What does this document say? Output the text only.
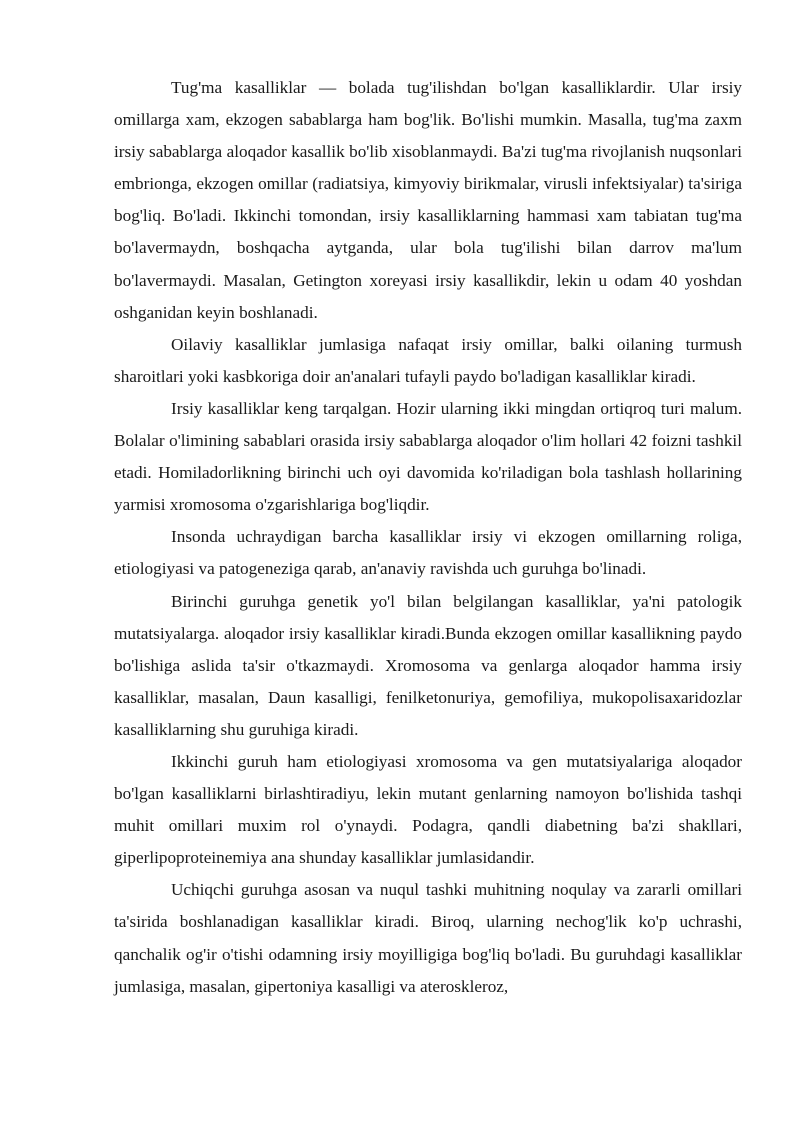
Tug'ma kasalliklar — bolada tug'ilishdan bo'lgan kasalliklardir. Ular irsiy omillarga xam, ekzogen sabablarga ham bog'lik. Bo'lishi mumkin. Masalla, tug'ma zaxm irsiy sabablarga aloqador kasallik bo'lib xisoblanmaydi. Ba'zi tug'ma rivojlanish nuqsonlari embrionga, ekzogen omillar (radiatsiya, kimyoviy birikmalar, virusli infektsiyalar) ta'siriga bog'liq. Bo'ladi. Ikkinchi tomondan, irsiy kasalliklarning hammasi xam tabiatan tug'ma bo'lavermaydn, boshqacha aytganda, ular bola tug'ilishi bilan darrov ma'lum bo'lavermaydi. Masalan, Getington xoreyasi irsiy kasallikdir, lekin u odam 40 yoshdan oshganidan keyin boshlanadi.

Oilaviy kasalliklar jumlasiga nafaqat irsiy omillar, balki oilaning turmush sharoitlari yoki kasbkoriga doir an'analari tufayli paydo bo'ladigan kasalliklar kiradi.

Irsiy kasalliklar keng tarqalgan. Hozir ularning ikki mingdan ortiqroq turi malum. Bolalar o'limining sabablari orasida irsiy sabablarga aloqador o'lim hollari 42 foizni tashkil etadi. Homiladorlikning birinchi uch oyi davomida ko'riladigan bola tashlash hollarining yarmisi xromosoma o'zgarishlariga bog'liqdir.

Insonda uchraydigan barcha kasalliklar irsiy vi ekzogen omillarning roliga, etiologiyasi va patogeneziga qarab, an'anaviy ravishda uch guruhga bo'linadi.

Birinchi guruhga genetik yo'l bilan belgilangan kasalliklar, ya'ni patologik mutatsiyalarga. aloqador irsiy kasalliklar kiradi.Bunda ekzogen omillar kasallikning paydo bo'lishiga aslida ta'sir o'tkazmaydi. Xromosoma va genlarga aloqador hamma irsiy kasalliklar, masalan, Daun kasalligi, fenilketonuriya, gemofiliya, mukopolisaxaridozlar kasalliklarning shu guruhiga kiradi.

Ikkinchi guruh ham etiologiyasi xromosoma va gen mutatsiyalariga aloqador bo'lgan kasalliklarni birlashtiradiyu, lekin mutant genlarning namoyon bo'lishida tashqi muhit omillari muxim rol o'ynaydi. Podagra, qandli diabetning ba'zi shakllari, giperlipoproteinemiya ana shunday kasalliklar jumlasidandir.

Uchiqchi guruhga asosan va nuqul tashki muhitning noqulay va zararli omillari ta'sirida boshlanadigan kasalliklar kiradi. Biroq, ularning nechog'lik ko'p uchrashi, qanchalik og'ir o'tishi odamning irsiy moyilligiga bog'liq bo'ladi. Bu guruhdagi kasalliklar jumlasiga, masalan, gipertoniya kasalligi va ateroskleroz,
